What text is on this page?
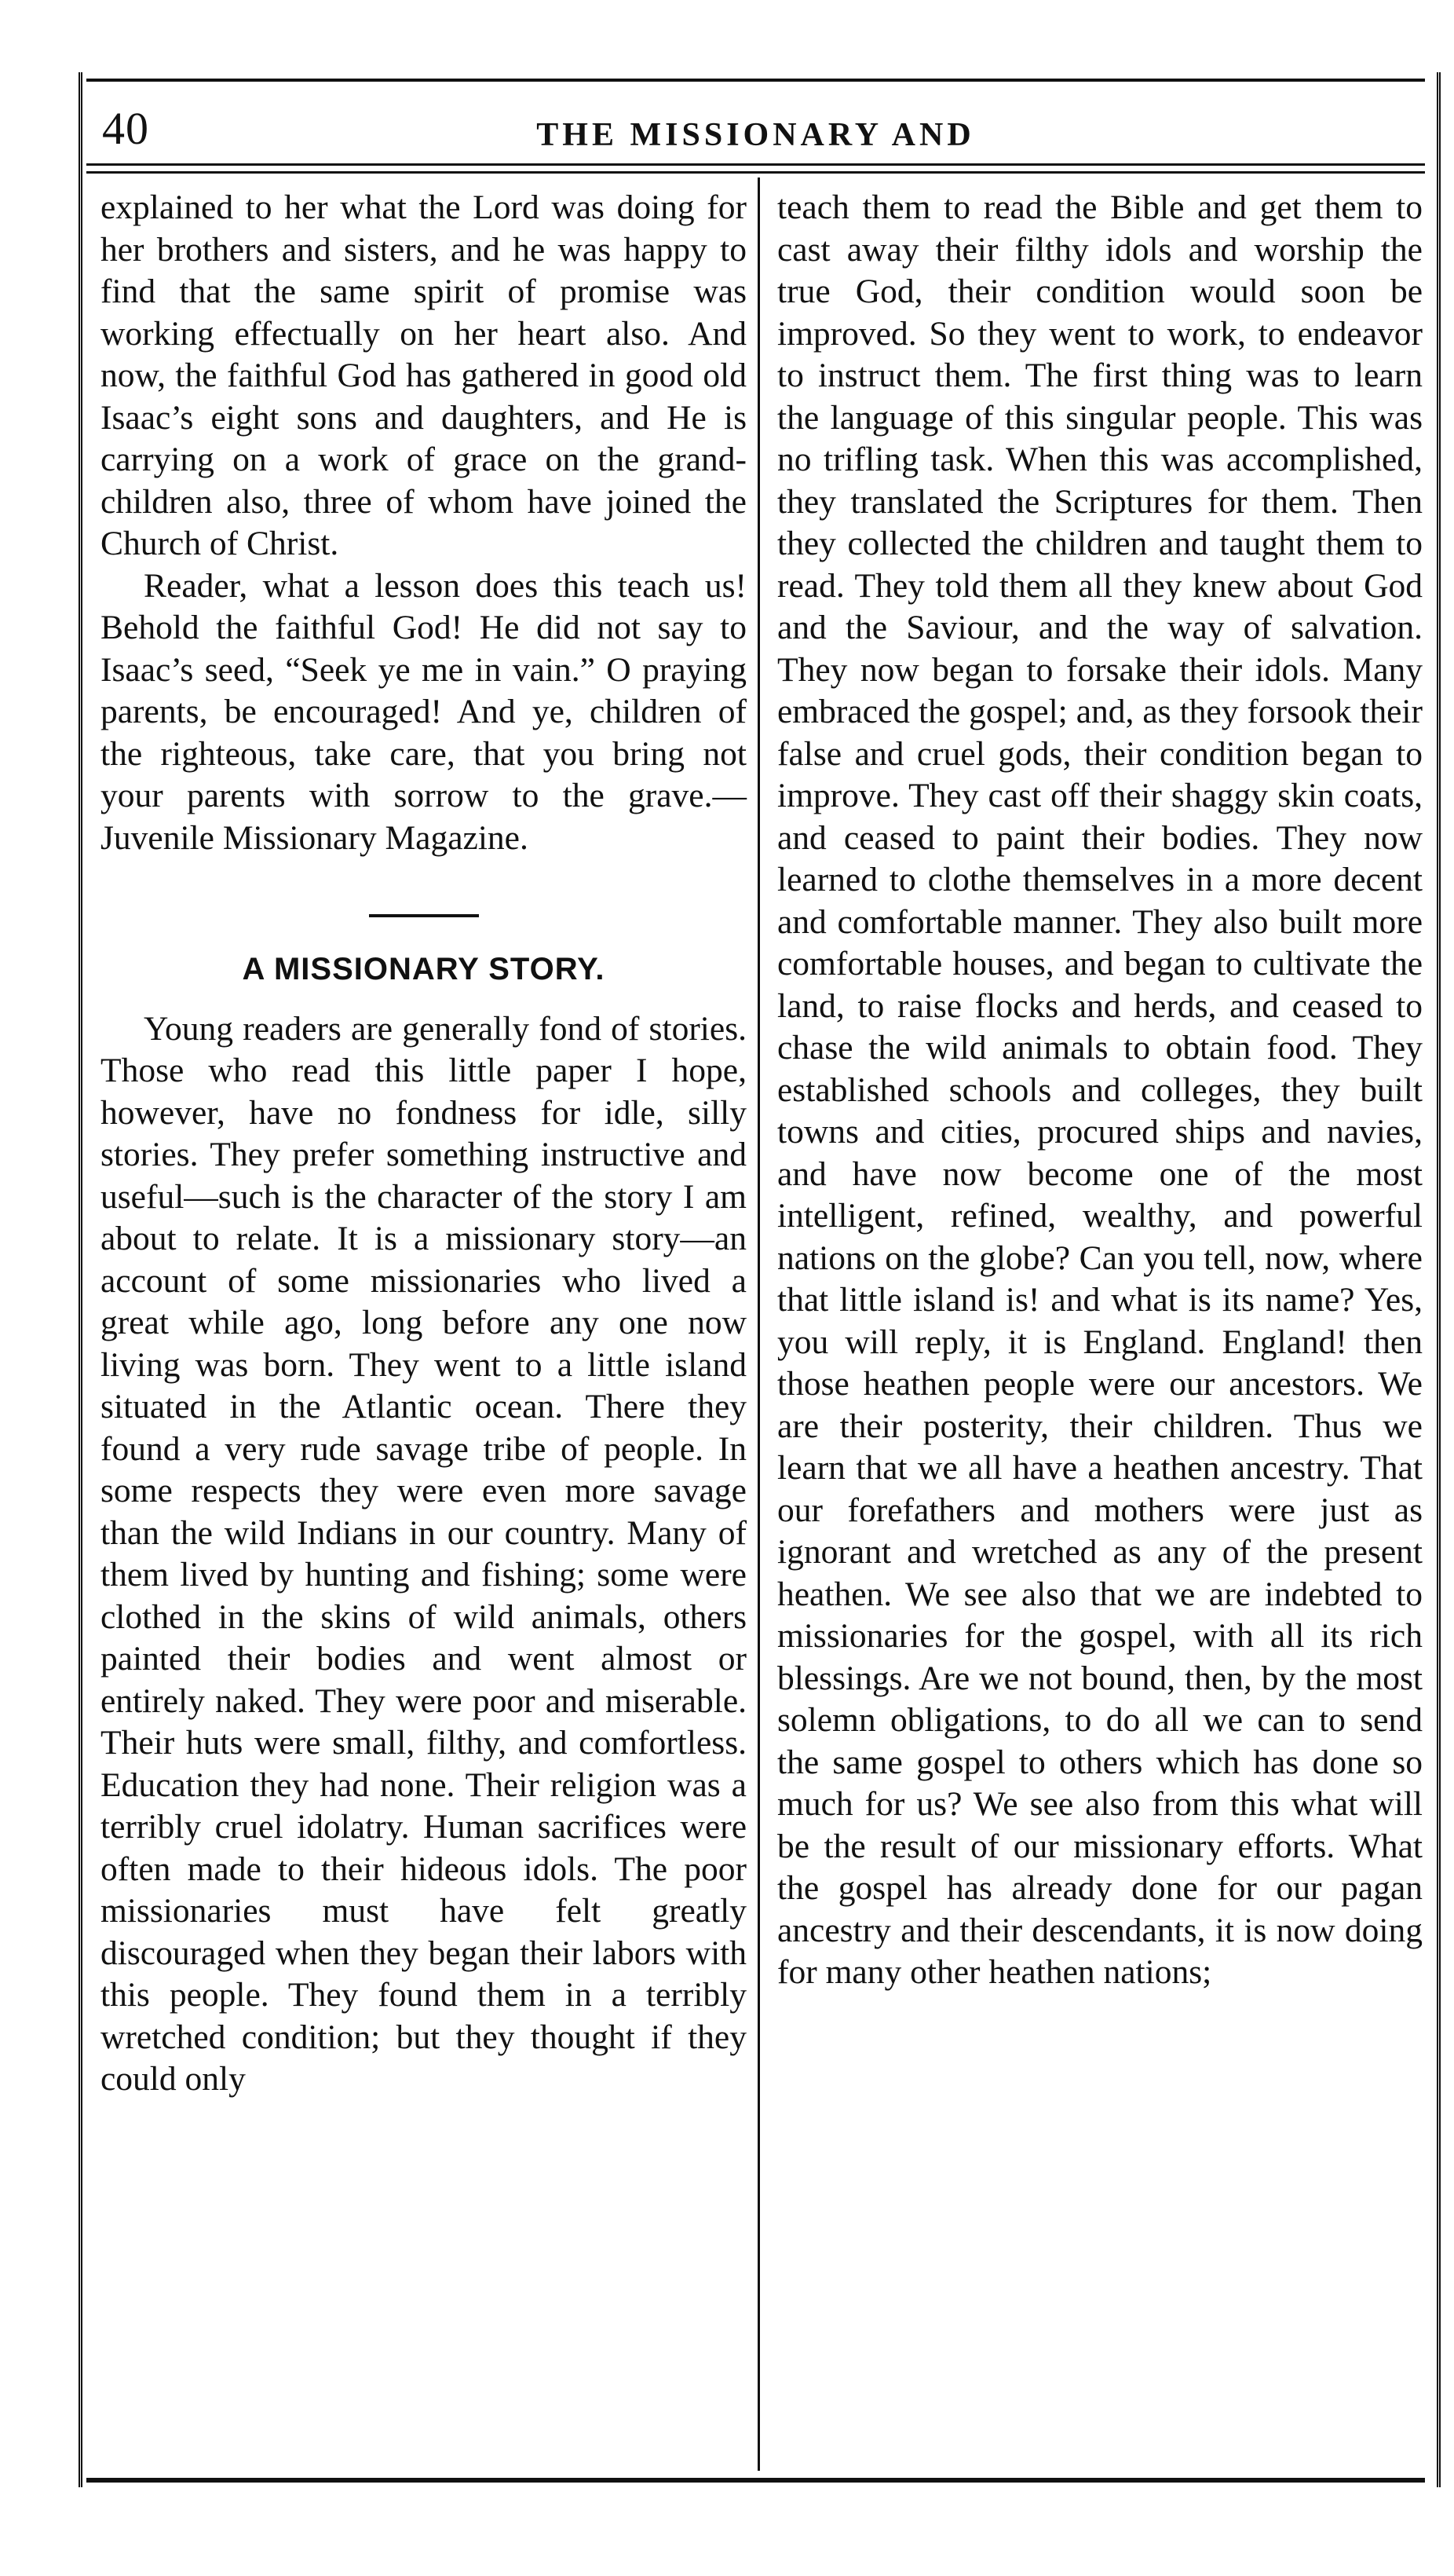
40	THE MISSIONARY AND

explained to her what the Lord was doing for her brothers and sisters, and he was happy to find that the same spirit of promise was working effectually on her heart also. And now, the faithful God has gathered in good old Isaac’s eight sons and daughters, and He is carrying on a work of grace on the grand-children also, three of whom have joined the Church of Christ.

Reader, what a lesson does this teach us! Behold the faithful God! He did not say to Isaac’s seed, “Seek ye me in vain.” O praying parents, be encouraged! And ye, children of the righteous, take care, that you bring not your parents with sorrow to the grave.—Juvenile Missionary Magazine.

A MISSIONARY STORY.

Young readers are generally fond of stories. Those who read this little paper I hope, however, have no fondness for idle, silly stories. They prefer something instructive and useful—such is the character of the story I am about to relate. It is a missionary story—an account of some missionaries who lived a great while ago, long before any one now living was born. They went to a little island situated in the Atlantic ocean. There they found a very rude savage tribe of people. In some respects they were even more savage than the wild Indians in our country. Many of them lived by hunting and fishing; some were clothed in the skins of wild animals, others painted their bodies and went almost or entirely naked. They were poor and miserable. Their huts were small, filthy, and comfortless. Education they had none. Their religion was a terribly cruel idolatry. Human sacrifices were often made to their hideous idols. The poor missionaries must have felt greatly discouraged when they began their labors with this people. They found them in a terribly wretched condition; but they thought if they could only

teach them to read the Bible and get them to cast away their filthy idols and worship the true God, their condition would soon be improved. So they went to work, to endeavor to instruct them. The first thing was to learn the language of this singular people. This was no trifling task. When this was accomplished, they translated the Scriptures for them. Then they collected the children and taught them to read. They told them all they knew about God and the Saviour, and the way of salvation. They now began to forsake their idols. Many embraced the gospel; and, as they forsook their false and cruel gods, their condition began to improve. They cast off their shaggy skin coats, and ceased to paint their bodies. They now learned to clothe themselves in a more decent and comfortable manner. They also built more comfortable houses, and began to cultivate the land, to raise flocks and herds, and ceased to chase the wild animals to obtain food. They established schools and colleges, they built towns and cities, procured ships and navies, and have now become one of the most intelligent, refined, wealthy, and powerful nations on the globe? Can you tell, now, where that little island is! and what is its name? Yes, you will reply, it is England. England! then those heathen people were our ancestors. We are their posterity, their children. Thus we learn that we all have a heathen ancestry. That our forefathers and mothers were just as ignorant and wretched as any of the present heathen. We see also that we are indebted to missionaries for the gospel, with all its rich blessings. Are we not bound, then, by the most solemn obligations, to do all we can to send the same gospel to others which has done so much for us? We see also from this what will be the result of our missionary efforts. What the gospel has already done for our pagan ancestry and their descendants, it is now doing for many other heathen nations;
